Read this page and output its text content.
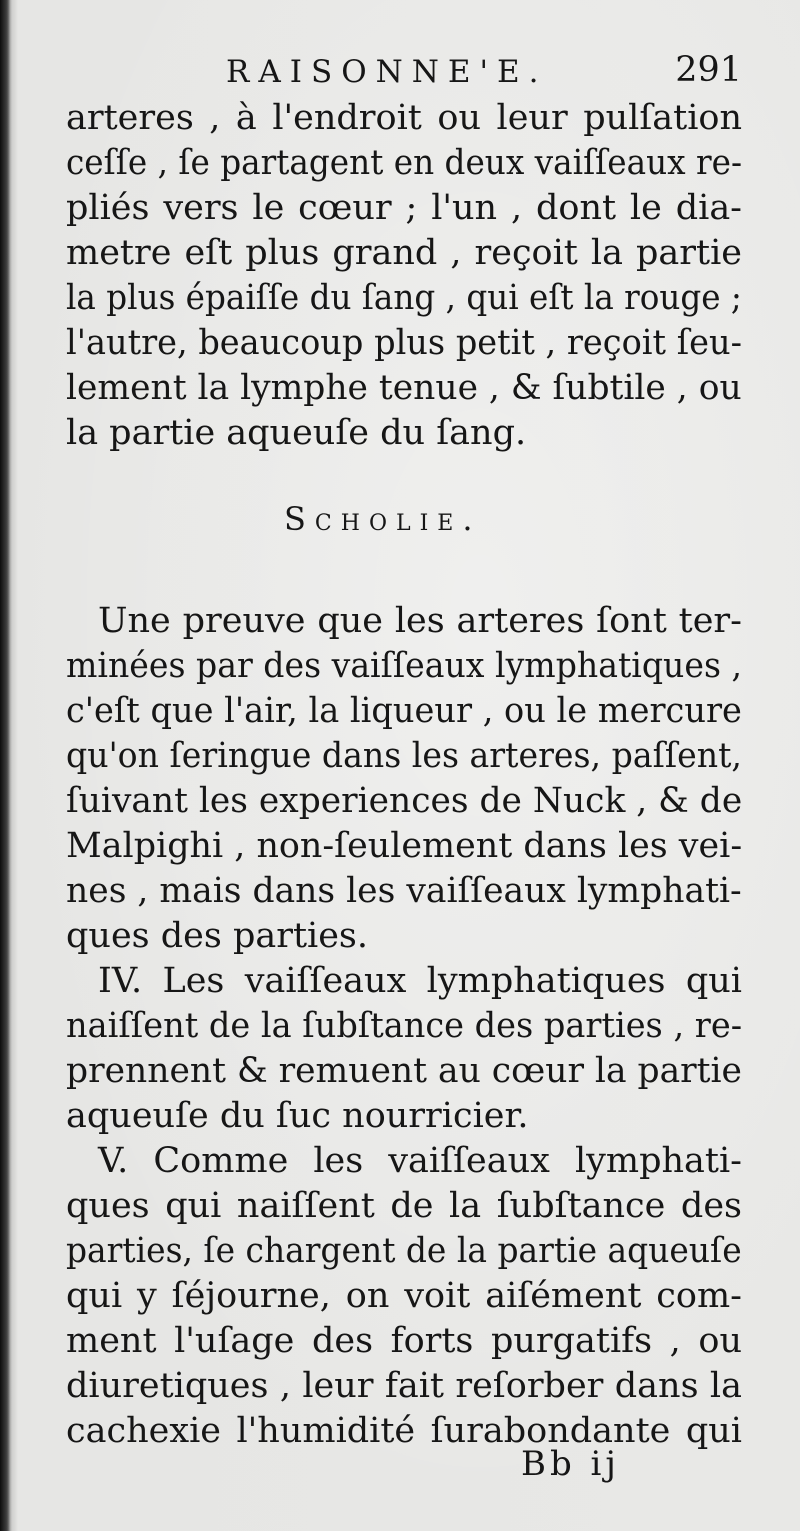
RAISONNE'E.	291
arteres , à l'endroit ou leur pulſation
ceſſe , ſe partagent en deux vaiſſeaux re-
pliés vers le cœur ; l'un , dont le dia-
metre eſt plus grand , reçoit la partie
la plus épaiſſe du ſang , qui eſt la rouge ;
l'autre, beaucoup plus petit , reçoit ſeu-
lement la lymphe tenue , & ſubtile , ou
la partie aqueuſe du ſang.
Scholie.
Une preuve que les arteres ſont ter-
minées par des vaiſſeaux lymphatiques ,
c'eſt que l'air, la liqueur , ou le mercure
qu'on ſeringue dans les arteres, paſſent,
ſuivant les experiences de Nuck , & de
Malpighi , non-ſeulement dans les vei-
nes , mais dans les vaiſſeaux lymphati-
ques des parties.
IV. Les vaiſſeaux lymphatiques qui
naiſſent de la ſubſtance des parties , re-
prennent & remuent au cœur la partie
aqueuſe du ſuc nourricier.
V. Comme les vaiſſeaux lymphati-
ques qui naiſſent de la ſubſtance des
parties, ſe chargent de la partie aqueuſe
qui y ſéjourne, on voit aiſément com-
ment l'uſage des forts purgatifs , ou
diuretiques , leur fait reſorber dans la
cachexie l'humidité ſurabondante qui
Bb ij
